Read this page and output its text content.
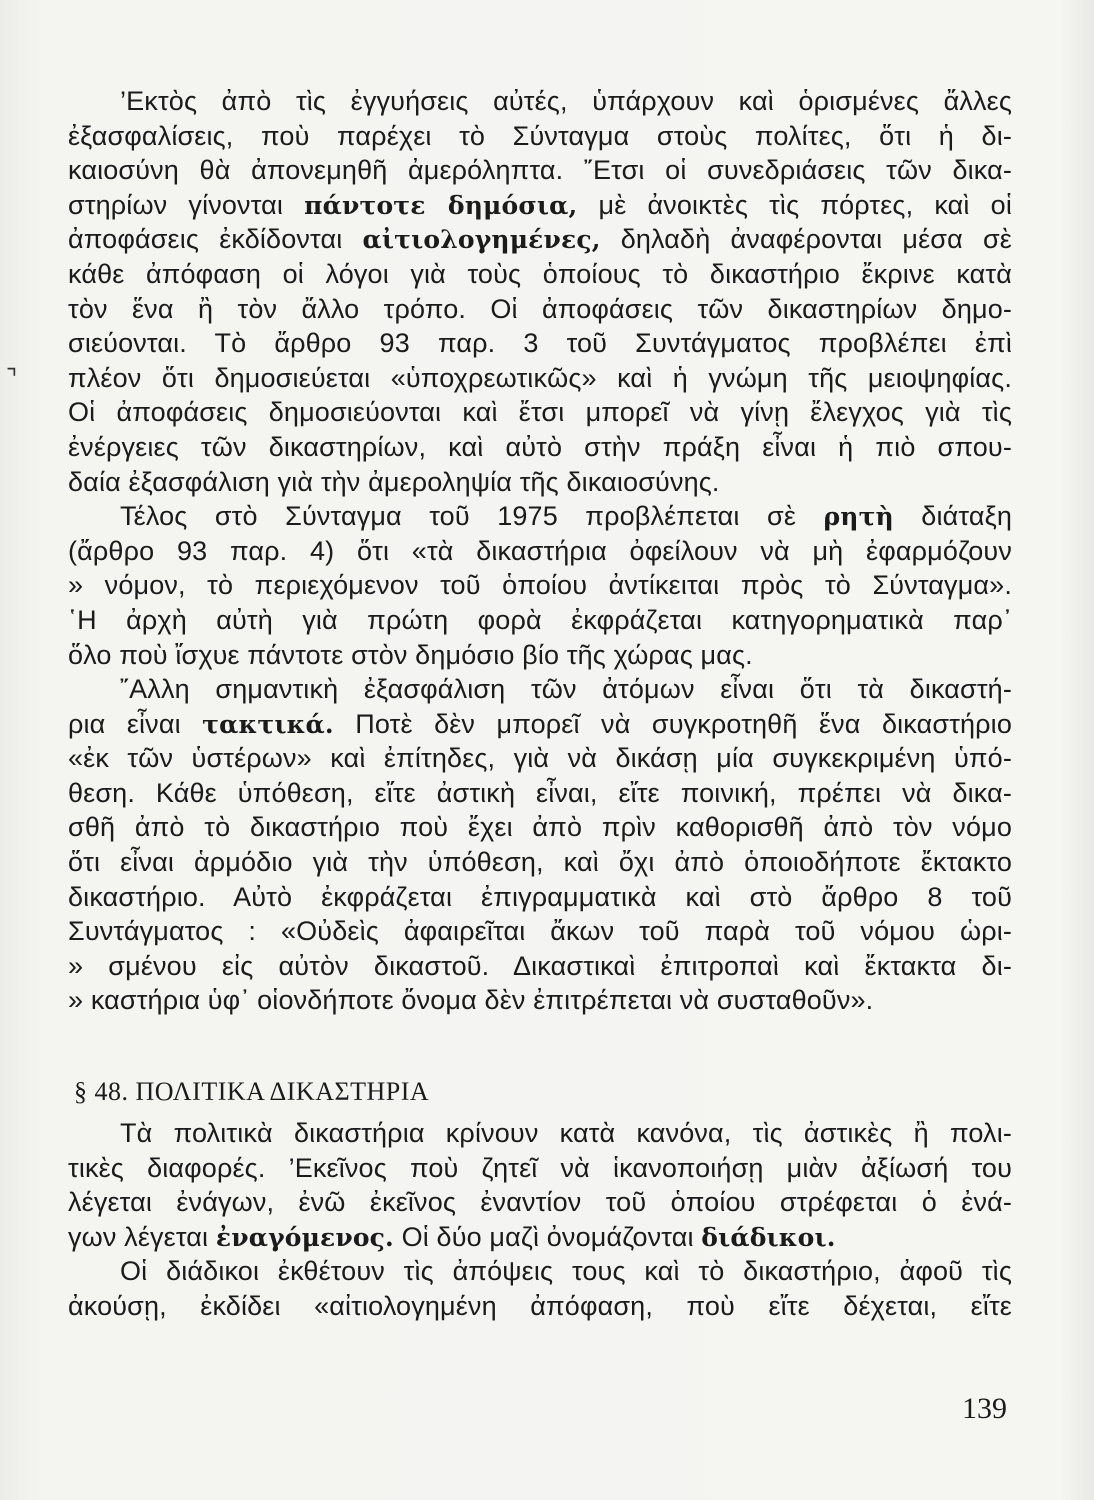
⌝
’Εκτὸς ἀπὸ τὶς ἐγγυήσεις αὐτές, ὑπάρχουν καὶ ὁρισμένες ἄλλες
ἐξασφαλίσεις, ποὺ παρέχει τὸ Σύνταγμα στοὺς πολίτες, ὅτι ἡ δι-
καιοσύνη θὰ ἀπονεμηθῆ ἀμερόληπτα. ῎Ετσι οἱ συνεδριάσεις τῶν δικα-
στηρίων γίνονται πάντοτε δημόσια, μὲ ἀνοικτὲς τὶς πόρτες, καὶ οἱ
ἀποφάσεις ἐκδίδονται αἰτιολογημένες, δηλαδὴ ἀναφέρονται μέσα σὲ
κάθε ἀπόφαση οἱ λόγοι γιὰ τοὺς ὁποίους τὸ δικαστήριο ἔκρινε κατὰ
τὸν ἕνα ἢ τὸν ἄλλο τρόπο. Οἱ ἀποφάσεις τῶν δικαστηρίων δημο-
σιεύονται. Τὸ ἄρθρο 93 παρ. 3 τοῦ Συντάγματος προβλέπει ἐπὶ
πλέον ὅτι δημοσιεύεται «ὑποχρεωτικῶς» καὶ ἡ γνώμη τῆς μειοψηφίας.
Οἱ ἀποφάσεις δημοσιεύονται καὶ ἔτσι μπορεῖ νὰ γίνῃ ἔλεγχος γιὰ τὶς
ἐνέργειες τῶν δικαστηρίων, καὶ αὐτὸ στὴν πράξη εἶναι ἡ πιὸ σπου-
δαία ἐξασφάλιση γιὰ τὴν ἀμεροληψία τῆς δικαιοσύνης.
Τέλος στὸ Σύνταγμα τοῦ 1975 προβλέπεται σὲ ρητὴ διάταξη
(ἄρθρο 93 παρ. 4) ὅτι «τὰ δικαστήρια ὀφείλουν νὰ μὴ ἐφαρμόζουν
» νόμον, τὸ περιεχόμενον τοῦ ὁποίου ἀντίκειται πρὸς τὸ Σύνταγμα».
῾Η ἀρχὴ αὐτὴ γιὰ πρώτη φορὰ ἐκφράζεται κατηγορηματικὰ παρ᾽
ὅλο ποὺ ἴσχυε πάντοτε στὸν δημόσιο βίο τῆς χώρας μας.
῎Αλλη σημαντικὴ ἐξασφάλιση τῶν ἀτόμων εἶναι ὅτι τὰ δικαστή-
ρια εἶναι τακτικά. Ποτὲ δὲν μπορεῖ νὰ συγκροτηθῆ ἕνα δικαστήριο
«ἐκ τῶν ὑστέρων» καὶ ἐπίτηδες, γιὰ νὰ δικάσῃ μία συγκεκριμένη ὑπό-
θεση. Κάθε ὑπόθεση, εἴτε ἀστικὴ εἶναι, εἴτε ποινική, πρέπει νὰ δικα-
σθῆ ἀπὸ τὸ δικαστήριο ποὺ ἔχει ἀπὸ πρὶν καθορισθῆ ἀπὸ τὸν νόμο
ὅτι εἶναι ἁρμόδιο γιὰ τὴν ὑπόθεση, καὶ ὄχι ἀπὸ ὁποιοδήποτε ἔκτακτο
δικαστήριο. Αὐτὸ ἐκφράζεται ἐπιγραμματικὰ καὶ στὸ ἄρθρο 8 τοῦ
Συντάγματος : «Οὐδεὶς ἀφαιρεῖται ἄκων τοῦ παρὰ τοῦ νόμου ὡρι-
» σμένου εἰς αὐτὸν δικαστοῦ. Δικαστικαὶ ἐπιτροπαὶ καὶ ἔκτακτα δι-
» καστήρια ὑφ᾽ οἱονδήποτε ὄνομα δὲν ἐπιτρέπεται νὰ συσταθοῦν».
§ 48. ΠΟΛΙΤΙΚΑ ΔΙΚΑΣΤΗΡΙΑ
Τὰ πολιτικὰ δικαστήρια κρίνουν κατὰ κανόνα, τὶς ἀστικὲς ἢ πολι-
τικὲς διαφορές. ’Εκεῖνος ποὺ ζητεῖ νὰ ἱκανοποιήσῃ μιὰν ἀξίωσή του
λέγεται ἐνάγων, ἐνῶ ἐκεῖνος ἐναντίον τοῦ ὁποίου στρέφεται ὁ ἐνά-
γων λέγεται ἐναγόμενος. Οἱ δύο μαζὶ ὀνομάζονται διάδικοι.
Οἱ διάδικοι ἐκθέτουν τὶς ἀπόψεις τους καὶ τὸ δικαστήριο, ἀφοῦ τὶς
ἀκούσῃ, ἐκδίδει «αἰτιολογημένη ἀπόφαση, ποὺ εἴτε δέχεται, εἴτε
139
